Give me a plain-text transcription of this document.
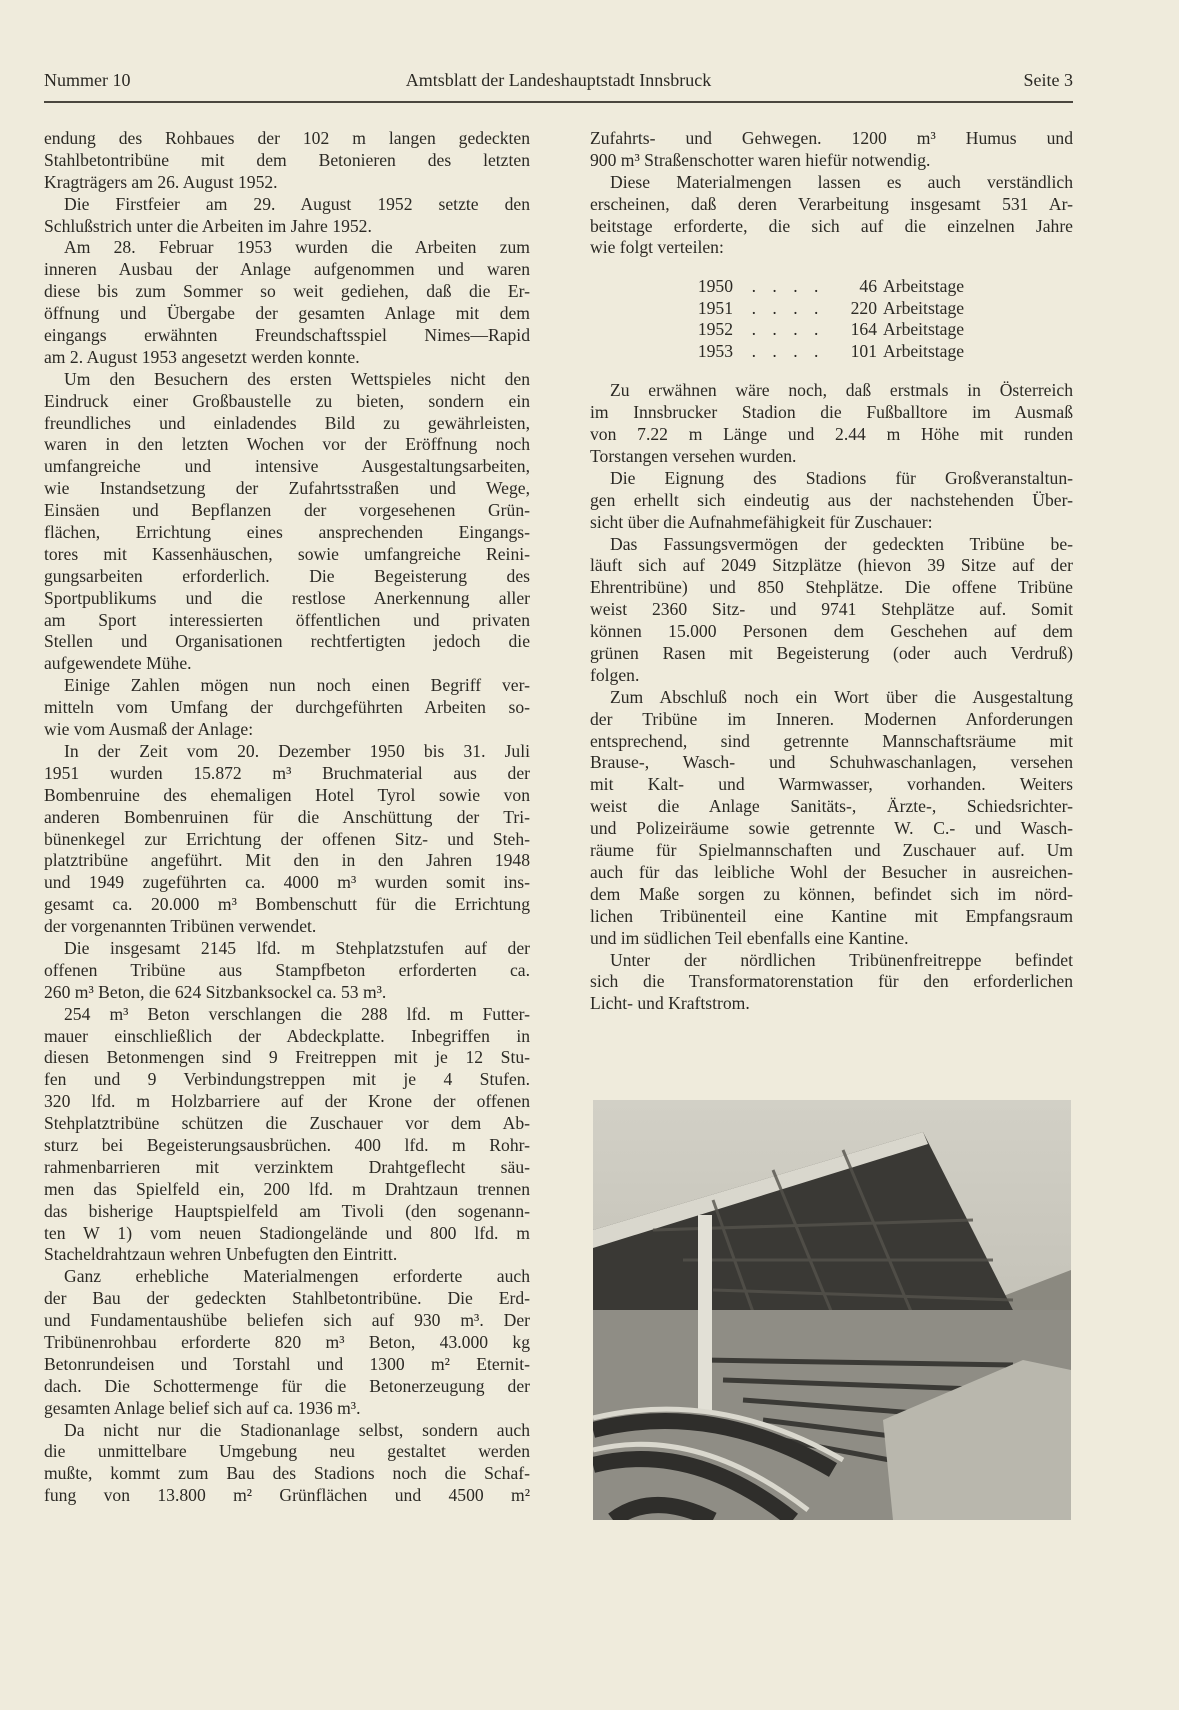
Nummer 10	Amtsblatt der Landeshauptstadt Innsbruck	Seite 3
endung des Rohbaues der 102 m langen gedeckten
Stahlbetontribüne mit dem Betonieren des letzten
Kragträgers am 26. August 1952.
Die Firstfeier am 29. August 1952 setzte den
Schlußstrich unter die Arbeiten im Jahre 1952.
Am 28. Februar 1953 wurden die Arbeiten zum
inneren Ausbau der Anlage aufgenommen und waren
diese bis zum Sommer so weit gediehen, daß die Er-
öffnung und Übergabe der gesamten Anlage mit dem
eingangs erwähnten Freundschaftsspiel Nimes—Rapid
am 2. August 1953 angesetzt werden konnte.
Um den Besuchern des ersten Wettspieles nicht den
Eindruck einer Großbaustelle zu bieten, sondern ein
freundliches und einladendes Bild zu gewährleisten,
waren in den letzten Wochen vor der Eröffnung noch
umfangreiche und intensive Ausgestaltungsarbeiten,
wie Instandsetzung der Zufahrtsstraßen und Wege,
Einsäen und Bepflanzen der vorgesehenen Grün-
flächen, Errichtung eines ansprechenden Eingangs-
tores mit Kassenhäuschen, sowie umfangreiche Reini-
gungsarbeiten erforderlich. Die Begeisterung des
Sportpublikums und die restlose Anerkennung aller
am Sport interessierten öffentlichen und privaten
Stellen und Organisationen rechtfertigten jedoch die
aufgewendete Mühe.
Einige Zahlen mögen nun noch einen Begriff ver-
mitteln vom Umfang der durchgeführten Arbeiten so-
wie vom Ausmaß der Anlage:
In der Zeit vom 20. Dezember 1950 bis 31. Juli
1951 wurden 15.872 m³ Bruchmaterial aus der
Bombenruine des ehemaligen Hotel Tyrol sowie von
anderen Bombenruinen für die Anschüttung der Tri-
bünenkegel zur Errichtung der offenen Sitz- und Steh-
platztribüne angeführt. Mit den in den Jahren 1948
und 1949 zugeführten ca. 4000 m³ wurden somit ins-
gesamt ca. 20.000 m³ Bombenschutt für die Errichtung
der vorgenannten Tribünen verwendet.
Die insgesamt 2145 lfd. m Stehplatzstufen auf der
offenen Tribüne aus Stampfbeton erforderten ca.
260 m³ Beton, die 624 Sitzbanksockel ca. 53 m³.
254 m³ Beton verschlangen die 288 lfd. m Futter-
mauer einschließlich der Abdeckplatte. Inbegriffen in
diesen Betonmengen sind 9 Freitreppen mit je 12 Stu-
fen und 9 Verbindungstreppen mit je 4 Stufen.
320 lfd. m Holzbarriere auf der Krone der offenen
Stehplatztribüne schützen die Zuschauer vor dem Ab-
sturz bei Begeisterungsausbrüchen. 400 lfd. m Rohr-
rahmenbarrieren mit verzinktem Drahtgeflecht säu-
men das Spielfeld ein, 200 lfd. m Drahtzaun trennen
das bisherige Hauptspielfeld am Tivoli (den sogenann-
ten W 1) vom neuen Stadiongelände und 800 lfd. m
Stacheldrahtzaun wehren Unbefugten den Eintritt.
Ganz erhebliche Materialmengen erforderte auch
der Bau der gedeckten Stahlbetontribüne. Die Erd-
und Fundamentaushübe beliefen sich auf 930 m³. Der
Tribünenrohbau erforderte 820 m³ Beton, 43.000 kg
Betonrundeisen und Torstahl und 1300 m² Eternit-
dach. Die Schottermenge für die Betonerzeugung der
gesamten Anlage belief sich auf ca. 1936 m³.
Da nicht nur die Stadionanlage selbst, sondern auch
die unmittelbare Umgebung neu gestaltet werden
mußte, kommt zum Bau des Stadions noch die Schaf-
fung von 13.800 m² Grünflächen und 4500 m²
Zufahrts- und Gehwegen. 1200 m³ Humus und
900 m³ Straßenschotter waren hiefür notwendig.
Diese Materialmengen lassen es auch verständlich
erscheinen, daß deren Verarbeitung insgesamt 531 Ar-
beitstage erforderte, die sich auf die einzelnen Jahre
wie folgt verteilen:
1950	. . . .	46 Arbeitstage
1951	. . . .	220 Arbeitstage
1952	. . . .	164 Arbeitstage
1953	. . . .	101 Arbeitstage
Zu erwähnen wäre noch, daß erstmals in Österreich
im Innsbrucker Stadion die Fußballtore im Ausmaß
von 7.22 m Länge und 2.44 m Höhe mit runden
Torstangen versehen wurden.
Die Eignung des Stadions für Großveranstaltun-
gen erhellt sich eindeutig aus der nachstehenden Über-
sicht über die Aufnahmefähigkeit für Zuschauer:
Das Fassungsvermögen der gedeckten Tribüne be-
läuft sich auf 2049 Sitzplätze (hievon 39 Sitze auf der
Ehrentribüne) und 850 Stehplätze. Die offene Tribüne
weist 2360 Sitz- und 9741 Stehplätze auf. Somit
können 15.000 Personen dem Geschehen auf dem
grünen Rasen mit Begeisterung (oder auch Verdruß)
folgen.
Zum Abschluß noch ein Wort über die Ausgestaltung
der Tribüne im Inneren. Modernen Anforderungen
entsprechend, sind getrennte Mannschaftsräume mit
Brause-, Wasch- und Schuhwaschanlagen, versehen
mit Kalt- und Warmwasser, vorhanden. Weiters
weist die Anlage Sanitäts-, Ärzte-, Schiedsrichter-
und Polizeiräume sowie getrennte W. C.- und Wasch-
räume für Spielmannschaften und Zuschauer auf. Um
auch für das leibliche Wohl der Besucher in ausreichen-
dem Maße sorgen zu können, befindet sich im nörd-
lichen Tribünenteil eine Kantine mit Empfangsraum
und im südlichen Teil ebenfalls eine Kantine.
Unter der nördlichen Tribünenfreitreppe befindet
sich die Transformatorenstation für den erforderlichen
Licht- und Kraftstrom.
